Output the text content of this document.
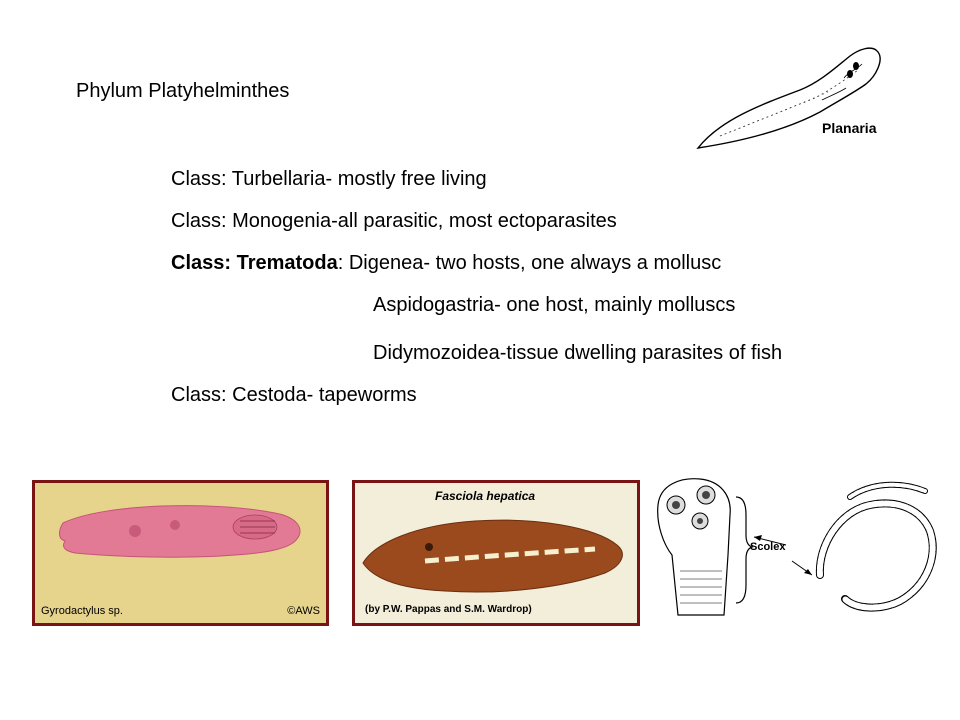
Phylum Platyhelminthes
Class: Turbellaria- mostly free living
Class: Monogenia-all parasitic, most ectoparasites
Class: Trematoda: Digenea- two hosts, one always a mollusc
Aspidogastria- one host, mainly molluscs
Didymozoidea-tissue dwelling parasites of fish
Class: Cestoda- tapeworms
Planaria
Gyrodactylus sp.	©AWS
Fasciola hepatica
(by P.W. Pappas and S.M. Wardrop)
Scolex
